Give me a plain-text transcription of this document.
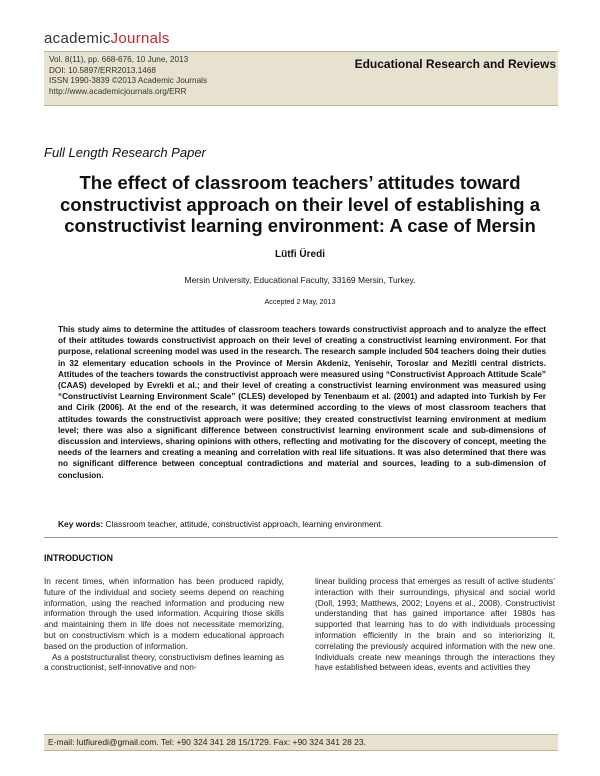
academicJournals
Vol. 8(11), pp. 668-676, 10 June, 2013
DOI: 10.5897/ERR2013.1468
ISSN 1990-3839 ©2013 Academic Journals
http://www.academicjournals.org/ERR
Educational Research and Reviews
Full Length Research Paper
The effect of classroom teachers’ attitudes toward constructivist approach on their level of establishing a constructivist learning environment: A case of Mersin
Lütfi Üredi
Mersin University, Educational Faculty, 33169 Mersin, Turkey.
Accepted 2 May, 2013
This study aims to determine the attitudes of classroom teachers towards constructivist approach and to analyze the effect of their attitudes towards constructivist approach on their level of creating a constructivist learning environment. For that purpose, relational screening model was used in the research. The research sample included 504 teachers doing their duties in 32 elementary education schools in the Province of Mersin Akdeniz, Yenisehir, Toroslar and Mezitli central districts. Attitudes of the teachers towards the constructivist approach were measured using “Constructivist Approach Attitude Scale” (CAAS) developed by Evrekli et al.; and their level of creating a constructivist learning environment was measured using “Constructivist Learning Environment Scale” (CLES) developed by Tenenbaum et al. (2001) and adapted into Turkish by Fer and Cirik (2006). At the end of the research, it was determined according to the views of most classroom teachers that attitudes towards the constructivist approach were positive; they created constructivist learning environment at medium level; there was also a significant difference between constructivist learning environment scale and sub-dimensions of discussion and interviews, sharing opinions with others, reflecting and motivating for the discovery of concept, meeting the needs of the learners and creating a meaning and correlation with real life situations. It was also determined that there was no significant difference between conceptual contradictions and material and sources, leading to a sub-dimension of conclusion.
Key words: Classroom teacher, attitude, constructivist approach, learning environment.
INTRODUCTION

In recent times, when information has been produced rapidly, future of the individual and society seems depend on reaching information, using the reached information and producing new information through the used information. Acquiring those skills and maintaining them in life does not necessitate memorizing, but on constructivism which is a modern educational approach based on the production of information.

As a poststructuralist theory, constructivism defines learning as a constructionist, self-innovative and non-

linear building process that emerges as result of active students’ interaction with their surroundings, physical and social world (Doll, 1993; Matthews, 2002; Loyens et al., 2008). Constructivist understanding that has gained importance after 1980s has supported that learning has to do with individuals processing information efficiently in the brain and so interiorizing it, correlating the previously acquired information with the new one. Individuals create new meanings through the interactions they have established between ideas, events and activities they

E-mail: lutfiuredi@gmail.com. Tel: +90 324 341 28 15/1729. Fax: +90 324 341 28 23.
